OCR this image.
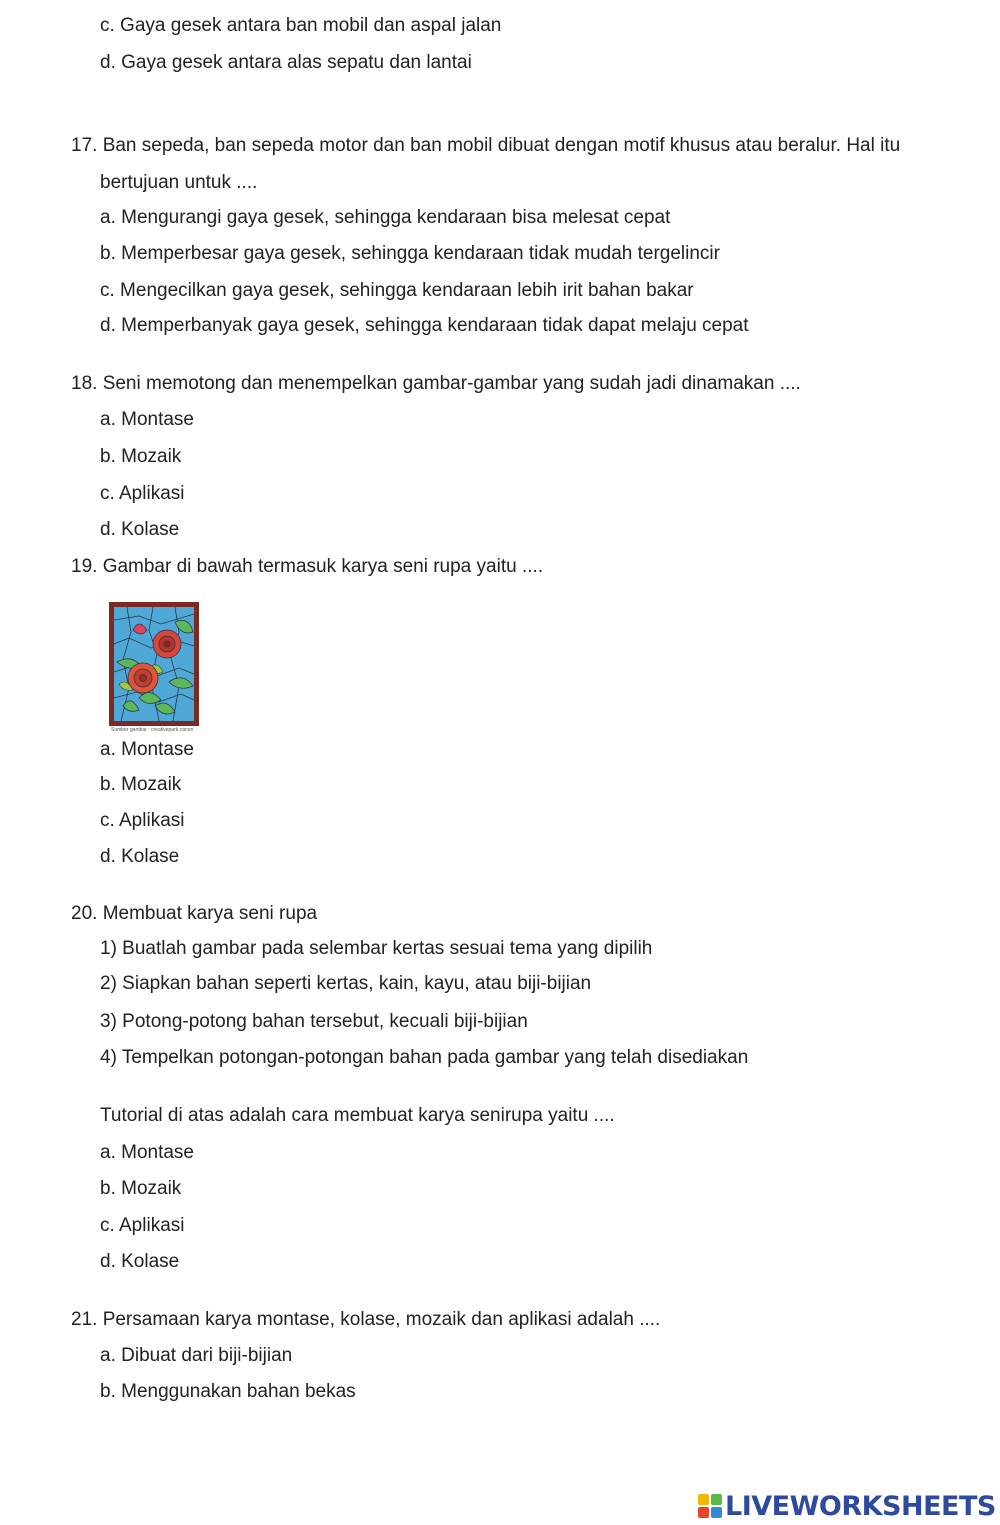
c. Gaya gesek antara ban mobil dan aspal jalan
d. Gaya gesek antara alas sepatu dan lantai
17. Ban sepeda, ban sepeda motor dan ban mobil dibuat dengan motif khusus atau beralur. Hal itu
bertujuan untuk ....
a. Mengurangi gaya gesek, sehingga kendaraan bisa melesat cepat
b. Memperbesar gaya gesek, sehingga kendaraan tidak mudah tergelincir
c. Mengecilkan gaya gesek, sehingga kendaraan lebih irit bahan bakar
d. Memperbanyak gaya gesek, sehingga kendaraan tidak dapat melaju cepat
18. Seni memotong dan menempelkan gambar-gambar yang sudah jadi dinamakan ....
a. Montase
b. Mozaik
c. Aplikasi
d. Kolase
19. Gambar di bawah termasuk karya seni rupa yaitu ....
Sumber gambar : creativepark.canon
a. Montase
b. Mozaik
c. Aplikasi
d. Kolase
20. Membuat karya seni rupa
1) Buatlah gambar pada selembar kertas sesuai tema yang dipilih
2) Siapkan bahan seperti kertas, kain, kayu, atau biji-bijian
3) Potong-potong bahan tersebut, kecuali biji-bijian
4) Tempelkan potongan-potongan bahan pada gambar yang telah disediakan
Tutorial di atas adalah cara membuat karya senirupa yaitu ....
a. Montase
b. Mozaik
c. Aplikasi
d. Kolase
21. Persamaan karya montase, kolase, mozaik dan aplikasi adalah ....
a. Dibuat dari biji-bijian
b. Menggunakan bahan bekas
LIVEWORKSHEETS
